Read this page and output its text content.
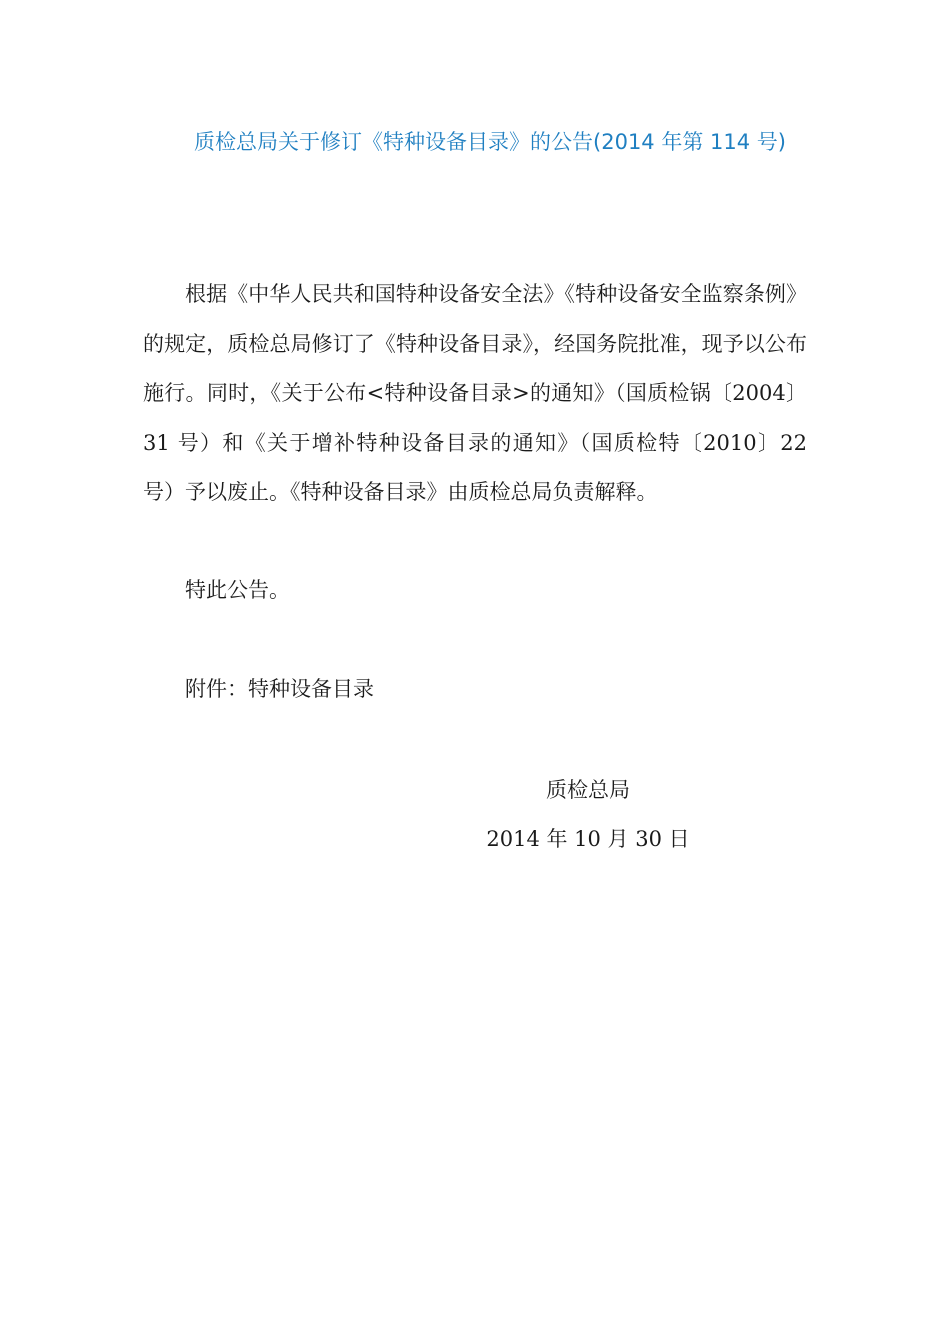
质检总局关于修订《特种设备目录》的公告(2014 年第 114 号)

根据《中华人民共和国特种设备安全法》《特种设备安全监察条例》的规定，质检总局修订了《特种设备目录》，经国务院批准，现予以公布施行。同时，《关于公布<特种设备目录>的通知》（国质检锅〔2004〕31 号）和《关于增补特种设备目录的通知》（国质检特〔2010〕22 号）予以废止。《特种设备目录》由质检总局负责解释。

特此公告。

附件：特种设备目录

质检总局
2014 年 10 月 30 日
